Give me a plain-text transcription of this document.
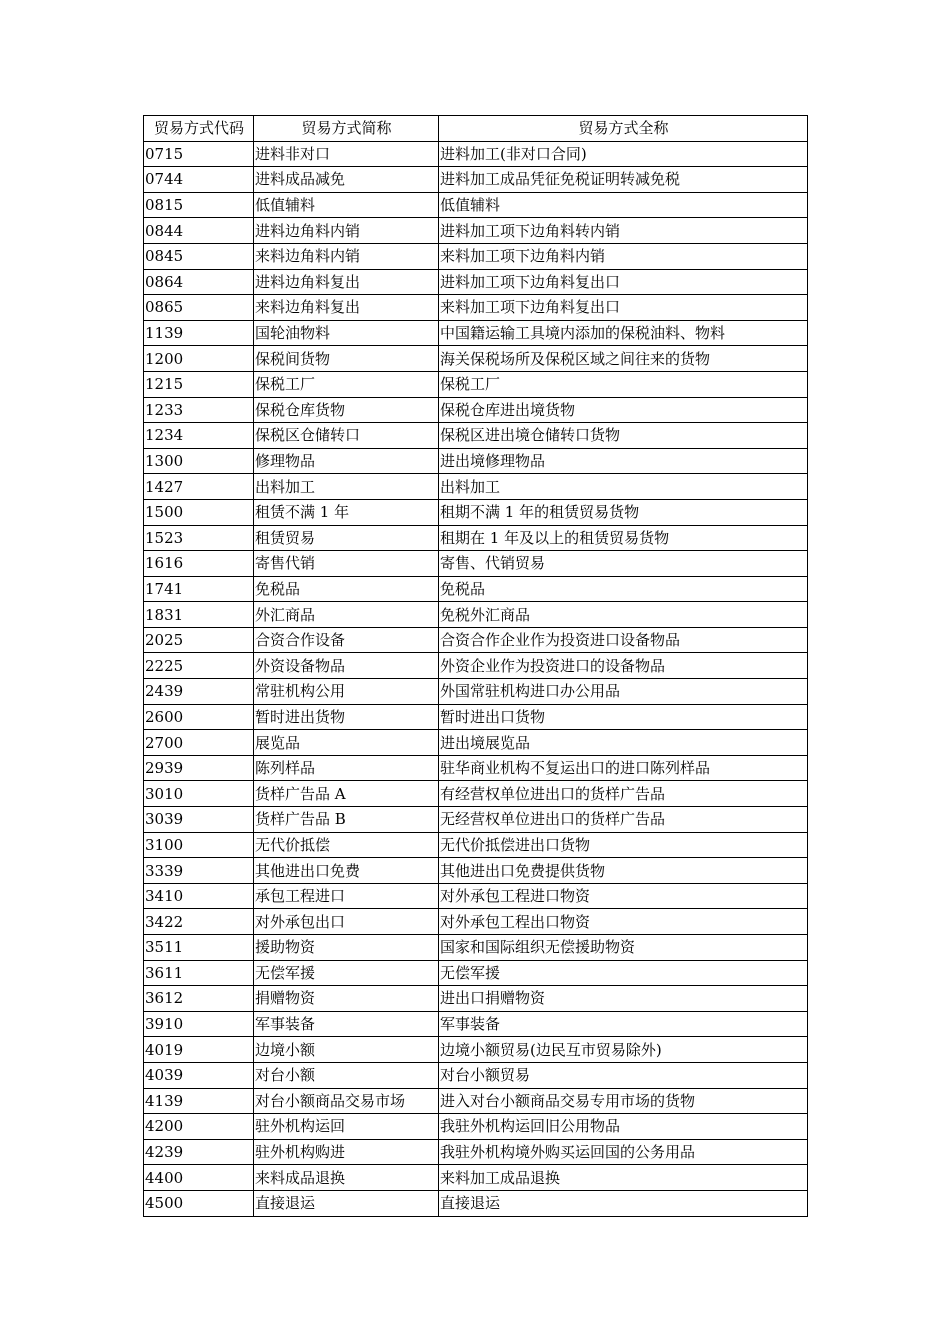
贸易方式代码	贸易方式简称	贸易方式全称
0715	进料非对口	进料加工(非对口合同)
0744	进料成品减免	进料加工成品凭征免税证明转减免税
0815	低值辅料	低值辅料
0844	进料边角料内销	进料加工项下边角料转内销
0845	来料边角料内销	来料加工项下边角料内销
0864	进料边角料复出	进料加工项下边角料复出口
0865	来料边角料复出	来料加工项下边角料复出口
1139	国轮油物料	中国籍运输工具境内添加的保税油料、物料
1200	保税间货物	海关保税场所及保税区域之间往来的货物
1215	保税工厂	保税工厂
1233	保税仓库货物	保税仓库进出境货物
1234	保税区仓储转口	保税区进出境仓储转口货物
1300	修理物品	进出境修理物品
1427	出料加工	出料加工
1500	租赁不满 1 年	租期不满 1 年的租赁贸易货物
1523	租赁贸易	租期在 1 年及以上的租赁贸易货物
1616	寄售代销	寄售、代销贸易
1741	免税品	免税品
1831	外汇商品	免税外汇商品
2025	合资合作设备	合资合作企业作为投资进口设备物品
2225	外资设备物品	外资企业作为投资进口的设备物品
2439	常驻机构公用	外国常驻机构进口办公用品
2600	暂时进出货物	暂时进出口货物
2700	展览品	进出境展览品
2939	陈列样品	驻华商业机构不复运出口的进口陈列样品
3010	货样广告品 A	有经营权单位进出口的货样广告品
3039	货样广告品 B	无经营权单位进出口的货样广告品
3100	无代价抵偿	无代价抵偿进出口货物
3339	其他进出口免费	其他进出口免费提供货物
3410	承包工程进口	对外承包工程进口物资
3422	对外承包出口	对外承包工程出口物资
3511	援助物资	国家和国际组织无偿援助物资
3611	无偿军援	无偿军援
3612	捐赠物资	进出口捐赠物资
3910	军事装备	军事装备
4019	边境小额	边境小额贸易(边民互市贸易除外)
4039	对台小额	对台小额贸易
4139	对台小额商品交易市场	进入对台小额商品交易专用市场的货物
4200	驻外机构运回	我驻外机构运回旧公用物品
4239	驻外机构购进	我驻外机构境外购买运回国的公务用品
4400	来料成品退换	来料加工成品退换
4500	直接退运	直接退运
